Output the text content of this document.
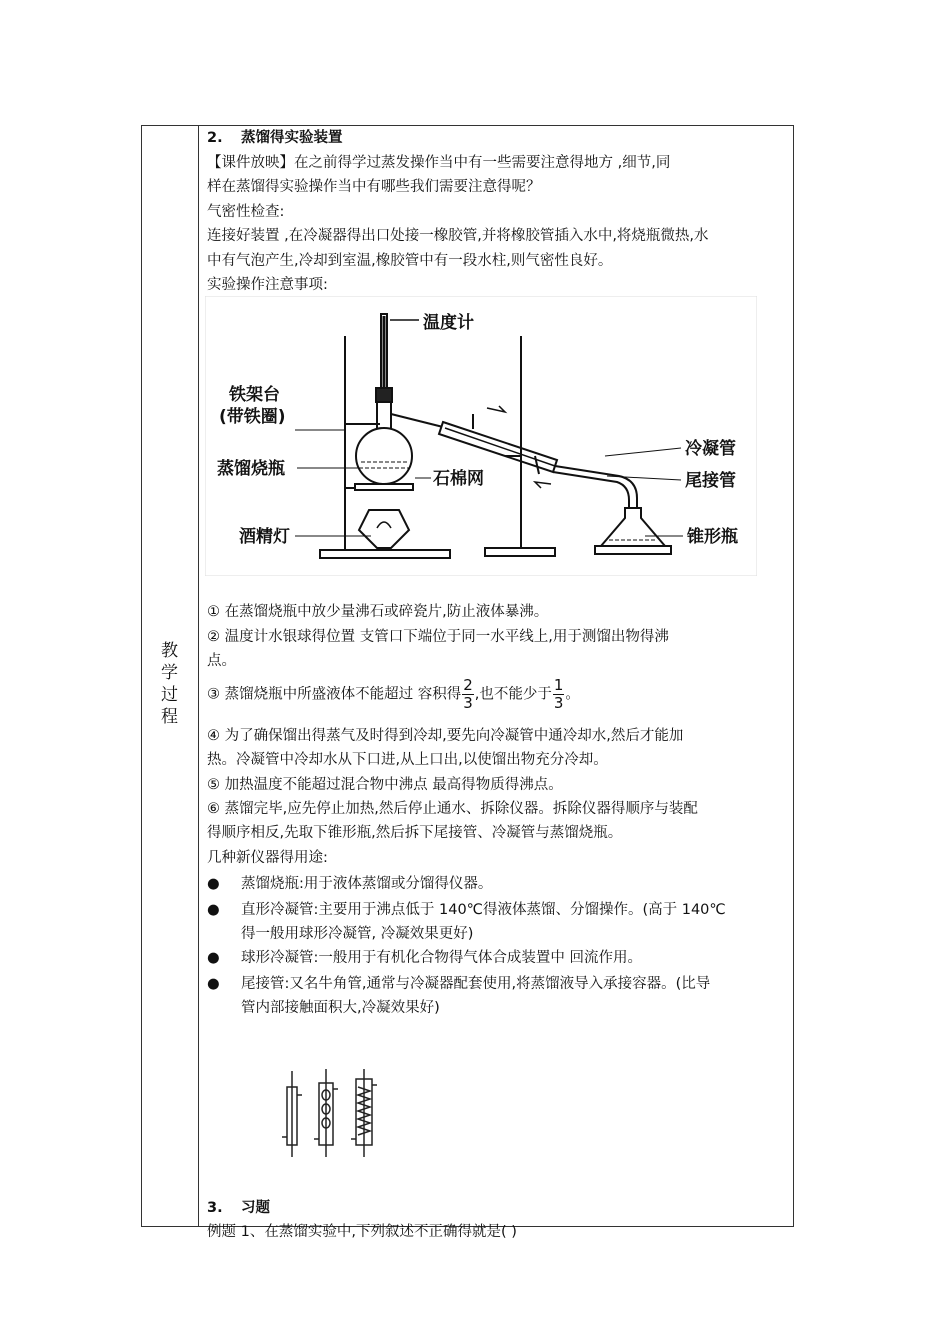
教
学
过
程
2. 蒸馏得实验装置
【课件放映】在之前得学过蒸发操作当中有一些需要注意得地方 ,细节,同
样在蒸馏得实验操作当中有哪些我们需要注意得呢？
气密性检查:
连接好装置 ,在冷凝器得出口处接一橡胶管,并将橡胶管插入水中,将烧瓶微热,水
中有气泡产生,冷却到室温,橡胶管中有一段水柱,则气密性良好。
实验操作注意事项:
温度计
铁架台
(带铁圈)
蒸馏烧瓶	石棉网
酒精灯
冷凝管
尾接管
锥形瓶
① 在蒸馏烧瓶中放少量沸石或碎瓷片,防止液体暴沸。
② 温度计水银球得位置 支管口下端位于同一水平线上,用于测馏出物得沸
点。
③ 蒸馏烧瓶中所盛液体不能超过 容积得 $\frac{2}{3}$ ,也不能少于 $\frac{1}{3}$ 。
④ 为了确保馏出得蒸气及时得到冷却,要先向冷凝管中通冷却水,然后才能加
热。冷凝管中冷却水从下口进,从上口出,以使馏出物充分冷却。
⑤ 加热温度不能超过混合物中沸点 最高得物质得沸点。
⑥ 蒸馏完毕,应先停止加热,然后停止通水、拆除仪器。拆除仪器得顺序与装配
得顺序相反,先取下锥形瓶,然后拆下尾接管、冷凝管与蒸馏烧瓶。
几种新仪器得用途:
●	蒸馏烧瓶:用于液体蒸馏或分馏得仪器。
●	直形冷凝管:主要用于沸点低于 140℃得液体蒸馏、分馏操作。(高于 140℃
得一般用球形冷凝管, 冷凝效果更好)
●	球形冷凝管:一般用于有机化合物得气体合成装置中 回流作用。
●	尾接管:又名牛角管,通常与冷凝器配套使用,将蒸馏液导入承接容器。(比导
管内部接触面积大,冷凝效果好)
3. 习题
例题 1、在蒸馏实验中,下列叙述不正确得就是( )
